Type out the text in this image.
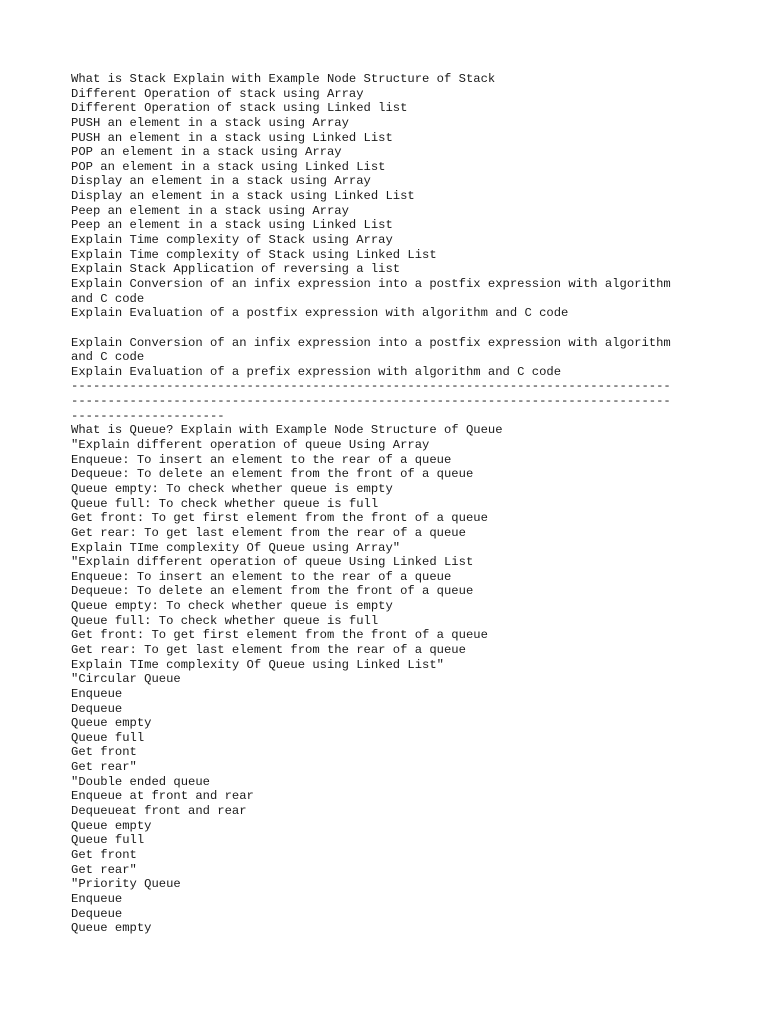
What is Stack Explain with Example Node Structure of Stack
Different Operation of stack using Array
Different Operation of stack using Linked list
PUSH an element in a stack using Array
PUSH an element in a stack using Linked List
POP an element in a stack using Array
POP an element in a stack using Linked List
Display an element in a stack using Array
Display an element in a stack using Linked List
Peep an element in a stack using Array
Peep an element in a stack using Linked List
Explain Time complexity of Stack using Array
Explain Time complexity of Stack using Linked List
Explain Stack Application of reversing a list
Explain Conversion of an infix expression into a postfix expression with algorithm
and C code
Explain Evaluation of a postfix expression with algorithm and C code

Explain Conversion of an infix expression into a postfix expression with algorithm
and C code
Explain Evaluation of a prefix expression with algorithm and C code
----------------------------------------------------------------------------------
----------------------------------------------------------------------------------
---------------------
What is Queue? Explain with Example Node Structure of Queue
"Explain different operation of queue Using Array
Enqueue: To insert an element to the rear of a queue
Dequeue: To delete an element from the front of a queue
Queue empty: To check whether queue is empty
Queue full: To check whether queue is full
Get front: To get first element from the front of a queue
Get rear: To get last element from the rear of a queue
Explain TIme complexity Of Queue using Array"
"Explain different operation of queue Using Linked List
Enqueue: To insert an element to the rear of a queue
Dequeue: To delete an element from the front of a queue
Queue empty: To check whether queue is empty
Queue full: To check whether queue is full
Get front: To get first element from the front of a queue
Get rear: To get last element from the rear of a queue
Explain TIme complexity Of Queue using Linked List"
"Circular Queue
Enqueue
Dequeue
Queue empty
Queue full
Get front
Get rear"
"Double ended queue
Enqueue at front and rear
Dequeueat front and rear
Queue empty
Queue full
Get front
Get rear"
"Priority Queue
Enqueue
Dequeue
Queue empty
